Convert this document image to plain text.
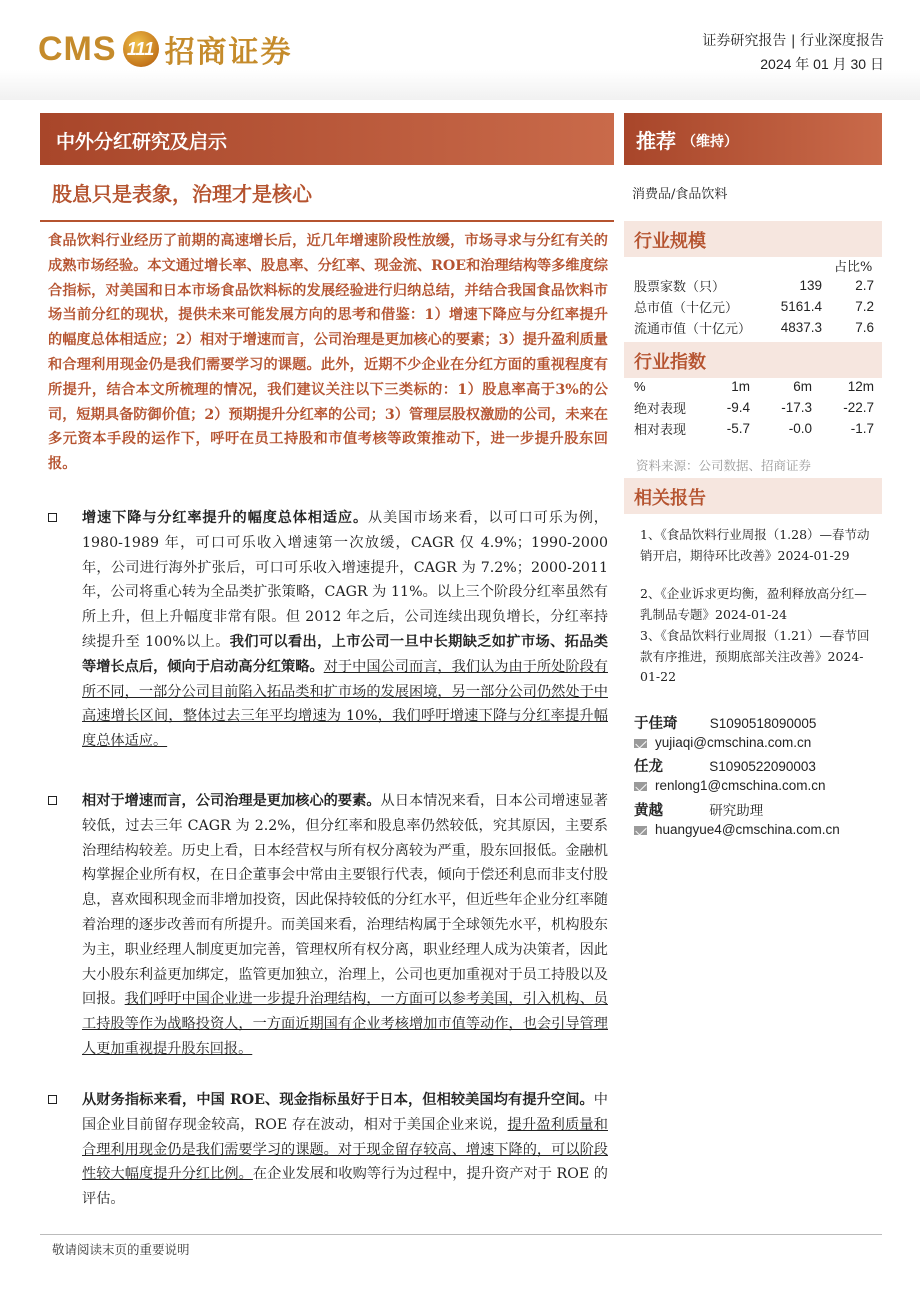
CMS 111 招商证券	证券研究报告 | 行业深度报告
2024 年 01 月 30 日
中外分红研究及启示	推荐 （维持）
股息只是表象，治理才是核心
食品饮料行业经历了前期的高速增长后，近几年增速阶段性放缓，市场寻求与分红有关的成熟市场经验。本文通过增长率、股息率、分红率、现金流、ROE和治理结构等多维度综合指标，对美国和日本市场食品饮料标的发展经验进行归纳总结，并结合我国食品饮料市场当前分红的现状，提供未来可能发展方向的思考和借鉴：1）增速下降应与分红率提升的幅度总体相适应；2）相对于增速而言，公司治理是更加核心的要素；3）提升盈利质量和合理利用现金仍是我们需要学习的课题。此外，近期不少企业在分红方面的重视程度有所提升，结合本文所梳理的情况，我们建议关注以下三类标的：1）股息率高于3%的公司，短期具备防御价值；2）预期提升分红率的公司；3）管理层股权激励的公司，未来在多元资本手段的运作下，呼吁在员工持股和市值考核等政策推动下，进一步提升股东回报。
增速下降与分红率提升的幅度总体相适应。从美国市场来看，以可口可乐为例，1980-1989 年，可口可乐收入增速第一次放缓，CAGR 仅 4.9%；1990-2000 年，公司进行海外扩张后，可口可乐收入增速提升，CAGR 为 7.2%；2000-2011 年，公司将重心转为全品类扩张策略，CAGR 为 11%。以上三个阶段分红率虽然有所上升，但上升幅度非常有限。但 2012 年之后，公司连续出现负增长，分红率持续提升至 100%以上。我们可以看出，上市公司一旦中长期缺乏如扩市场、拓品类等增长点后，倾向于启动高分红策略。对于中国公司而言，我们认为由于所处阶段有所不同，一部分公司目前陷入拓品类和扩市场的发展困境，另一部分公司仍然处于中高速增长区间，整体过去三年平均增速为 10%，我们呼吁增速下降与分红率提升幅度总体适应。
相对于增速而言，公司治理是更加核心的要素。从日本情况来看，日本公司增速显著较低，过去三年 CAGR 为 2.2%，但分红率和股息率仍然较低，究其原因，主要系治理结构较差。历史上看，日本经营权与所有权分离较为严重，股东回报低。金融机构掌握企业所有权，在日企董事会中常由主要银行代表，倾向于偿还利息而非支付股息，喜欢囤积现金而非增加投资，因此保持较低的分红水平，但近些年企业分红率随着治理的逐步改善而有所提升。而美国来看，治理结构属于全球领先水平，机构股东为主，职业经理人制度更加完善，管理权所有权分离，职业经理人成为决策者，因此大小股东利益更加绑定，监管更加独立，治理上，公司也更加重视对于员工持股以及回报。我们呼吁中国企业进一步提升治理结构，一方面可以参考美国，引入机构、员工持股等作为战略投资人，一方面近期国有企业考核增加市值等动作，也会引导管理人更加重视提升股东回报。
从财务指标来看，中国 ROE、现金指标虽好于日本，但相较美国均有提升空间。中国企业目前留存现金较高，ROE 存在波动，相对于美国企业来说，提升盈利质量和合理利用现金仍是我们需要学习的课题。对于现金留存较高、增速下降的，可以阶段性较大幅度提升分红比例。在企业发展和收购等行为过程中，提升资产对于 ROE 的评估。
消费品/食品饮料
行业规模
占比%
股票家数（只）	139	2.7
总市值（十亿元）	5161.4	7.2
流通市值（十亿元）	4837.3	7.6
行业指数
%	1m	6m	12m
绝对表现	-9.4	-17.3	-22.7
相对表现	-5.7	-0.0	-1.7
资料来源：公司数据、招商证券
相关报告
1、《食品饮料行业周报（1.28）—春节动销开启，期待环比改善》2024-01-29
2、《企业诉求更均衡，盈利释放高分红—乳制品专题》2024-01-24
3、《食品饮料行业周报（1.21）—春节回款有序推进，预期底部关注改善》2024-01-22
于佳琦 S1090518090005
yujiaqi@cmschina.com.cn
任龙	S1090522090003
renlong1@cmschina.com.cn
黄越	研究助理
huangyue4@cmschina.com.cn
敬请阅读末页的重要说明
